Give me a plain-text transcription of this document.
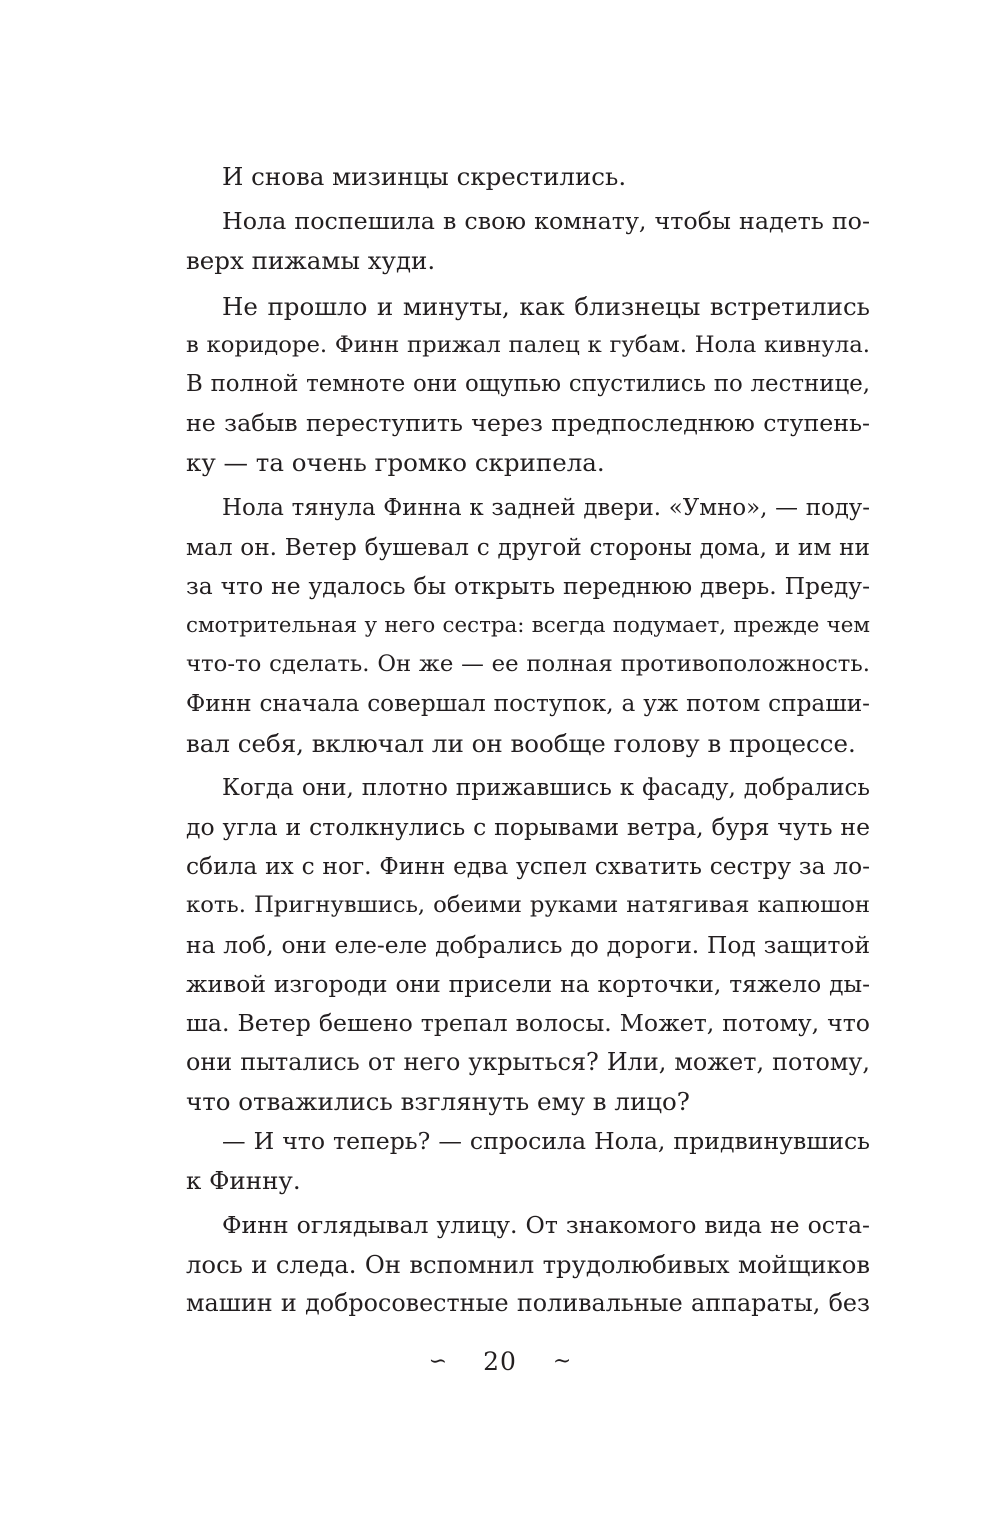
И снова мизинцы скрестились.
Нола поспешила в свою комнату, чтобы надеть по-
верх пижамы худи.
Не прошло и минуты, как близнецы встретились
в коридоре. Финн прижал палец к губам. Нола кивнула.
В полной темноте они ощупью спустились по лестнице,
не забыв переступить через предпоследнюю ступень-
ку — та очень громко скрипела.
Нола тянула Финна к задней двери. «Умно», — поду-
мал он. Ветер бушевал с другой стороны дома, и им ни
за что не удалось бы открыть переднюю дверь. Преду-
смотрительная у него сестра: всегда подумает, прежде чем
что-то сделать. Он же — ее полная противоположность.
Финн сначала совершал поступок, а уж потом спраши-
вал себя, включал ли он вообще голову в процессе.
Когда они, плотно прижавшись к фасаду, добрались
до угла и столкнулись с порывами ветра, буря чуть не
сбила их с ног. Финн едва успел схватить сестру за ло-
коть. Пригнувшись, обеими руками натягивая капюшон
на лоб, они еле-еле добрались до дороги. Под защитой
живой изгороди они присели на корточки, тяжело ды-
ша. Ветер бешено трепал волосы. Может, потому, что
они пытались от него укрыться? Или, может, потому,
что отважились взглянуть ему в лицо?
— И что теперь? — спросила Нола, придвинувшись
к Финну.
Финн оглядывал улицу. От знакомого вида не оста-
лось и следа. Он вспомнил трудолюбивых мойщиков
машин и добросовестные поливальные аппараты, без
∽ 20 ~
